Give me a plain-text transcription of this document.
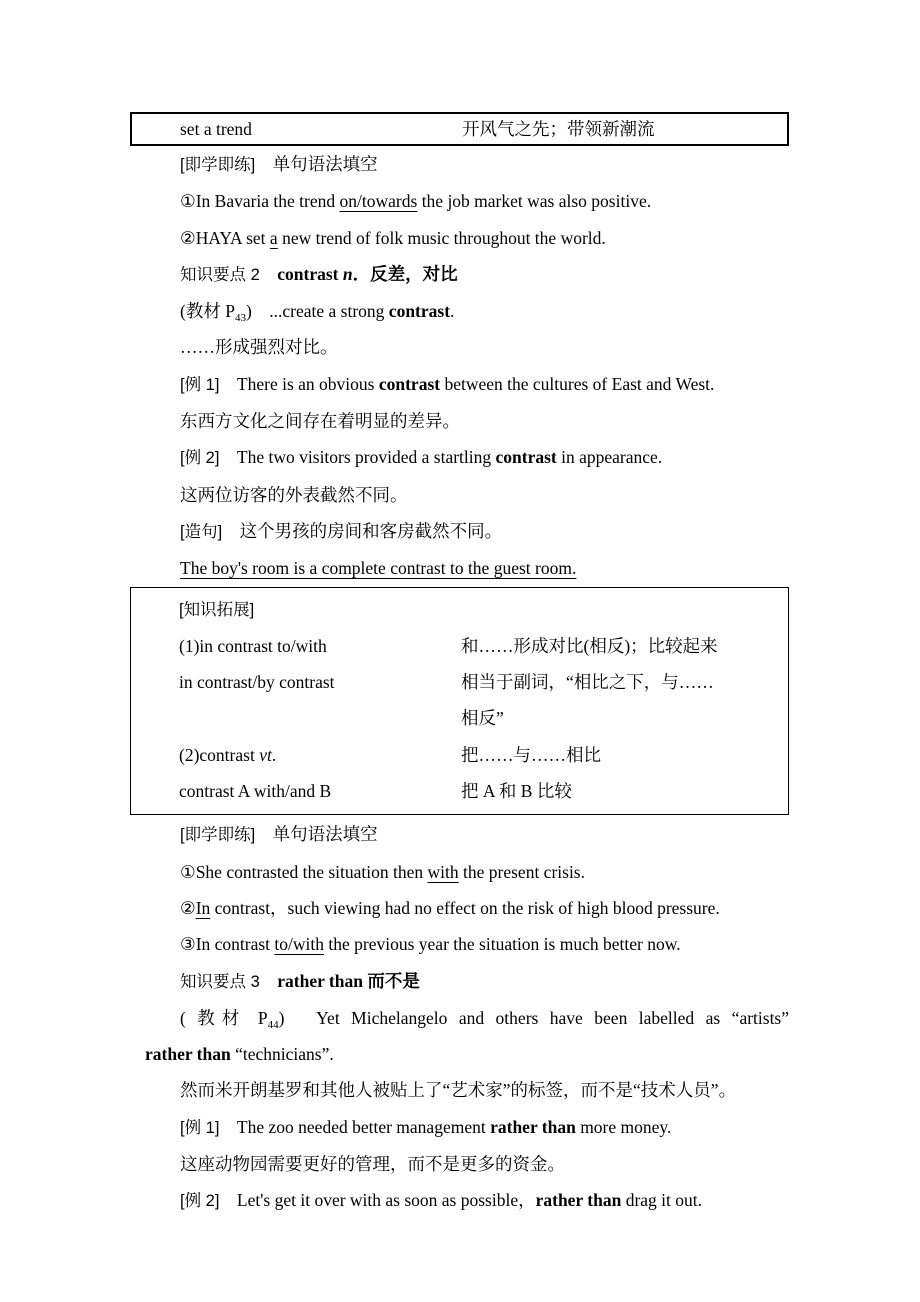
set a trend	开风气之先；带领新潮流
[即学即练]　单句语法填空
①In Bavaria the trend on/towards the job market was also positive.
②HAYA set a new trend of folk music throughout the world.
知识要点 2　 contrast n．反差，对比
(教材 $P_{43}$)　...create a strong contrast.
……形成强烈对比。
[例 1]　There is an obvious contrast between the cultures of East and West.
东西方文化之间存在着明显的差异。
[例 2]　The two visitors provided a startling contrast in appearance.
这两位访客的外表截然不同。
[造句]　这个男孩的房间和客房截然不同。
The boy's room is a complete contrast to the guest room.
[知识拓展]
(1)in contrast to/with	和……形成对比(相反)；比较起来
in contrast/by contrast	相当于副词，“相比之下，与……
相反”
(2)contrast vt.	把……与……相比
contrast A with/and B	把 A 和 B 比较
[即学即练]　单句语法填空
①She contrasted the situation then with the present crisis.
②In contrast，such viewing had no effect on the risk of high blood pressure.
③In contrast to/with the previous year the situation is much better now.
知识要点 3　 rather than 而不是
( 教材 $P_{44}$)　Yet Michelangelo and others have been labelled as “artists”
rather than “technicians”.
然而米开朗基罗和其他人被贴上了“艺术家”的标签，而不是“技术人员”。
[例 1]　The zoo needed better management rather than more money.
这座动物园需要更好的管理，而不是更多的资金。
[例 2]　Let's get it over with as soon as possible，rather than drag it out.
